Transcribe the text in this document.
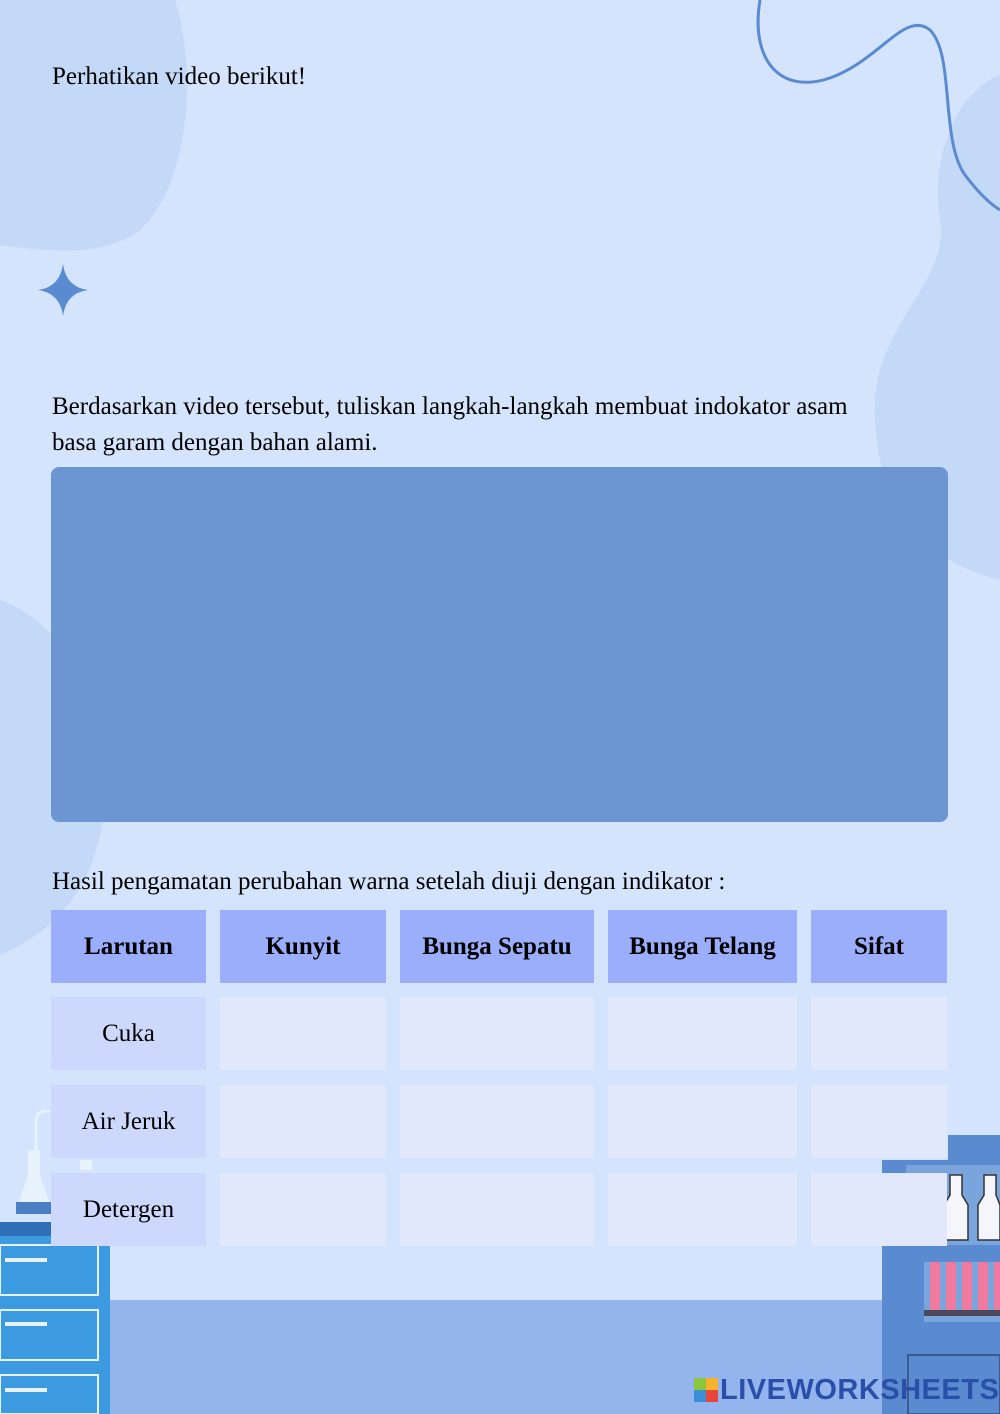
Perhatikan video berikut!
Berdasarkan video tersebut, tuliskan langkah-langkah membuat indokator asam
basa garam dengan bahan alami.
Hasil pengamatan perubahan warna setelah diuji dengan indikator :
Larutan	Kunyit	Bunga Sepatu	Bunga Telang	Sifat
Cuka
Air Jeruk
Detergen
LIVEWORKSHEETS
